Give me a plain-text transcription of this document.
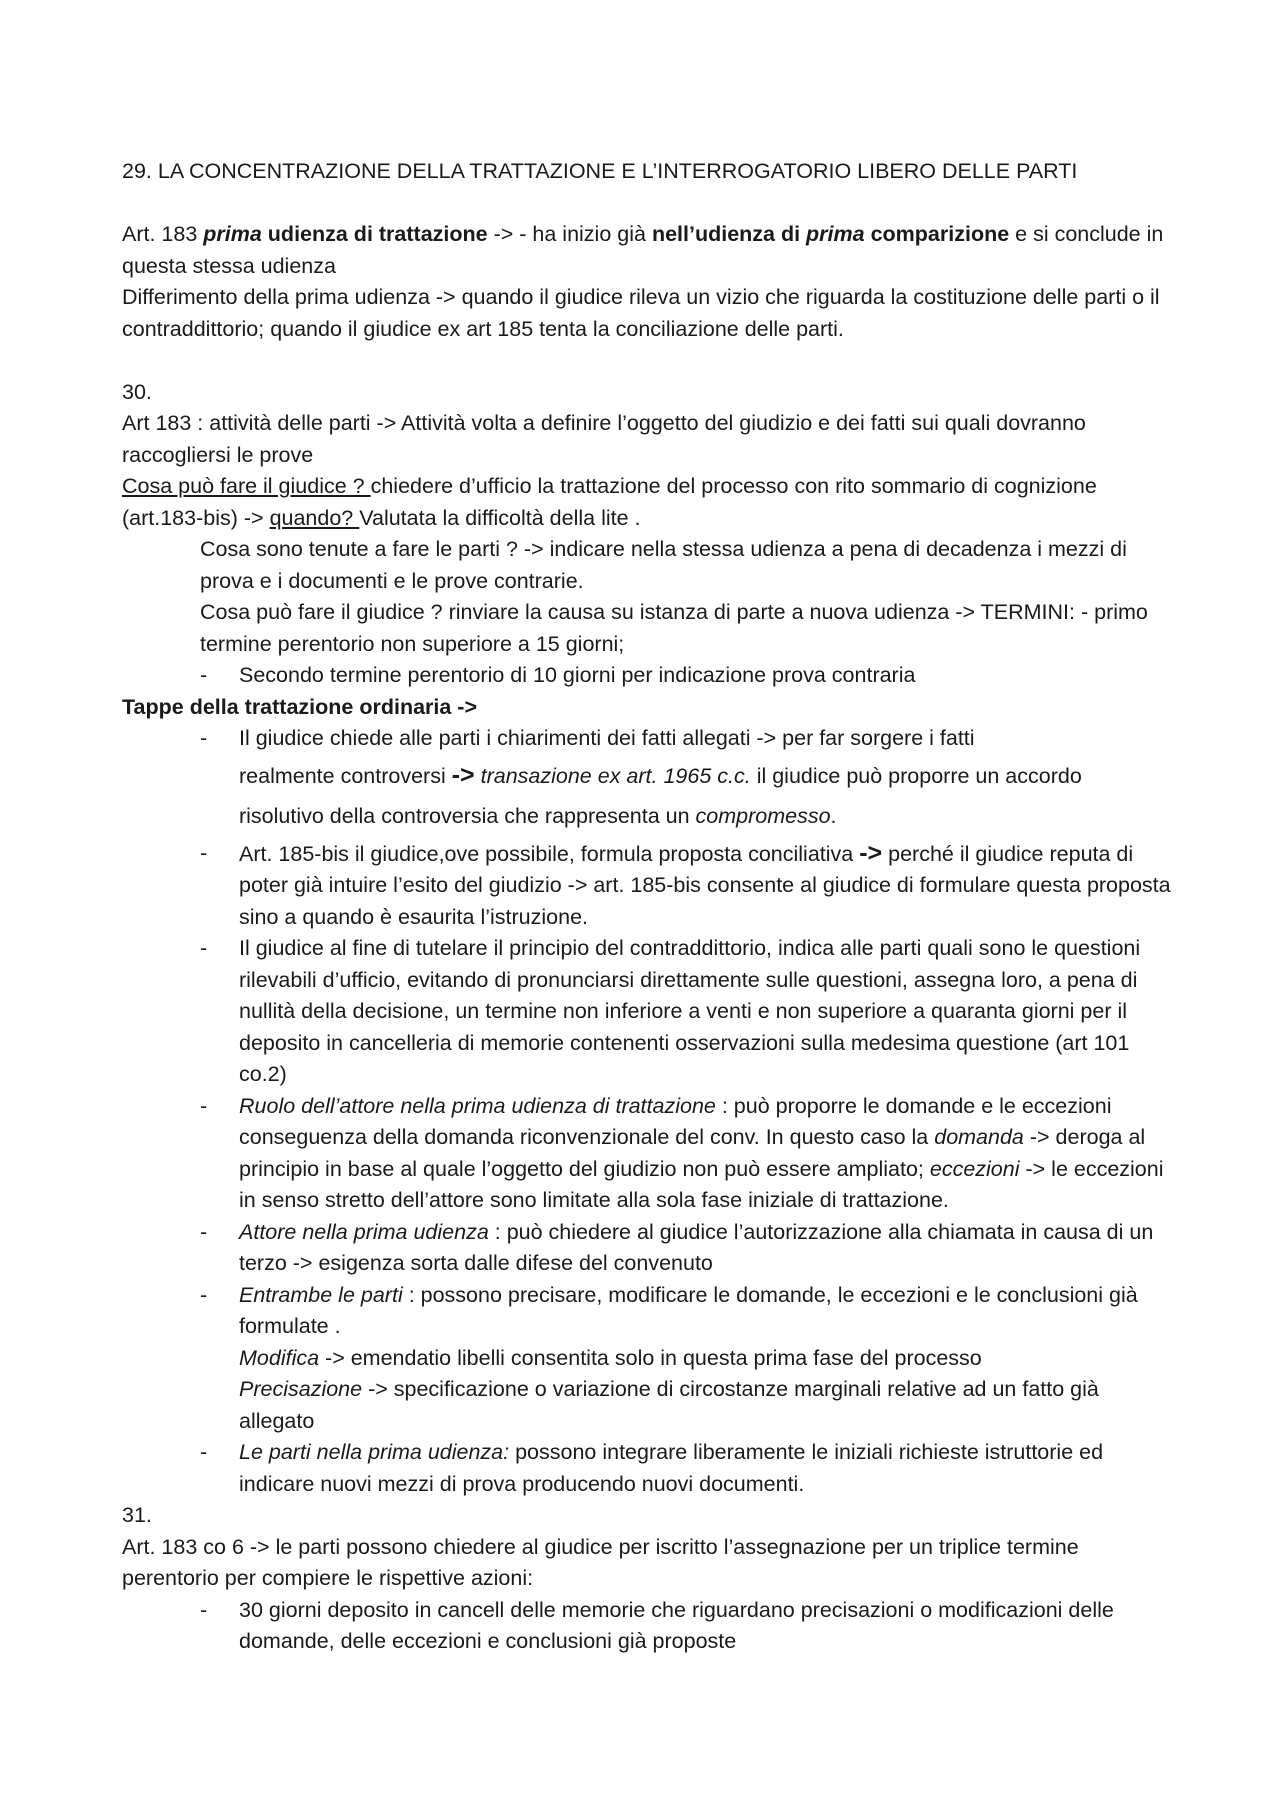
29. LA CONCENTRAZIONE DELLA TRATTAZIONE E L’INTERROGATORIO LIBERO DELLE PARTI

Art. 183 prima udienza di trattazione -> - ha inizio già nell’udienza di prima comparizione e si conclude in questa stessa udienza

Differimento della prima udienza -> quando il giudice rileva un vizio che riguarda la costituzione delle parti o il contraddittorio; quando il giudice ex art 185 tenta la conciliazione delle parti.

30.

Art 183 : attività delle parti -> Attività volta a definire l’oggetto del giudizio e dei fatti sui quali dovranno raccogliersi le prove

Cosa può fare il giudice ? chiedere d’ufficio la trattazione del processo con rito sommario di cognizione (art.183-bis) -> quando? Valutata la difficoltà della lite .

Cosa sono tenute a fare le parti ? -> indicare nella stessa udienza a pena di decadenza i mezzi di prova e i documenti e le prove contrarie.

Cosa può fare il giudice ? rinviare la causa su istanza di parte a nuova udienza -> TERMINI: - primo termine perentorio non superiore a 15 giorni;

- Secondo termine perentorio di 10 giorni per indicazione prova contraria

Tappe della trattazione ordinaria ->

- Il giudice chiede alle parti i chiarimenti dei fatti allegati -> per far sorgere i fatti

realmente controversi -> transazione ex art. 1965 c.c. il giudice può proporre un accordo risolutivo della controversia che rappresenta un compromesso.

- Art. 185-bis il giudice,ove possibile, formula proposta conciliativa -> perché il giudice reputa di poter già intuire l’esito del giudizio -> art. 185-bis consente al giudice di formulare questa proposta sino a quando è esaurita l’istruzione.

- Il giudice al fine di tutelare il principio del contraddittorio, indica alle parti quali sono le questioni rilevabili d’ufficio, evitando di pronunciarsi direttamente sulle questioni, assegna loro, a pena di nullità della decisione, un termine non inferiore a venti e non superiore a quaranta giorni per il deposito in cancelleria di memorie contenenti osservazioni sulla medesima questione (art 101 co.2)

- Ruolo dell’attore nella prima udienza di trattazione : può proporre le domande e le eccezioni conseguenza della domanda riconvenzionale del conv. In questo caso la domanda -> deroga al principio in base al quale l’oggetto del giudizio non può essere ampliato; eccezioni -> le eccezioni in senso stretto dell’attore sono limitate alla sola fase iniziale di trattazione.

- Attore nella prima udienza : può chiedere al giudice l’autorizzazione alla chiamata in causa di un terzo -> esigenza sorta dalle difese del convenuto

- Entrambe le parti : possono precisare, modificare le domande, le eccezioni e le conclusioni già formulate .

Modifica -> emendatio libelli consentita solo in questa prima fase del processo

Precisazione -> specificazione o variazione di circostanze marginali relative ad un fatto già allegato

- Le parti nella prima udienza: possono integrare liberamente le iniziali richieste istruttorie ed indicare nuovi mezzi di prova producendo nuovi documenti.

31.

Art. 183 co 6 -> le parti possono chiedere al giudice per iscritto l’assegnazione per un triplice termine perentorio per compiere le rispettive azioni:

- 30 giorni deposito in cancell delle memorie che riguardano precisazioni o modificazioni delle domande, delle eccezioni e conclusioni già proposte
